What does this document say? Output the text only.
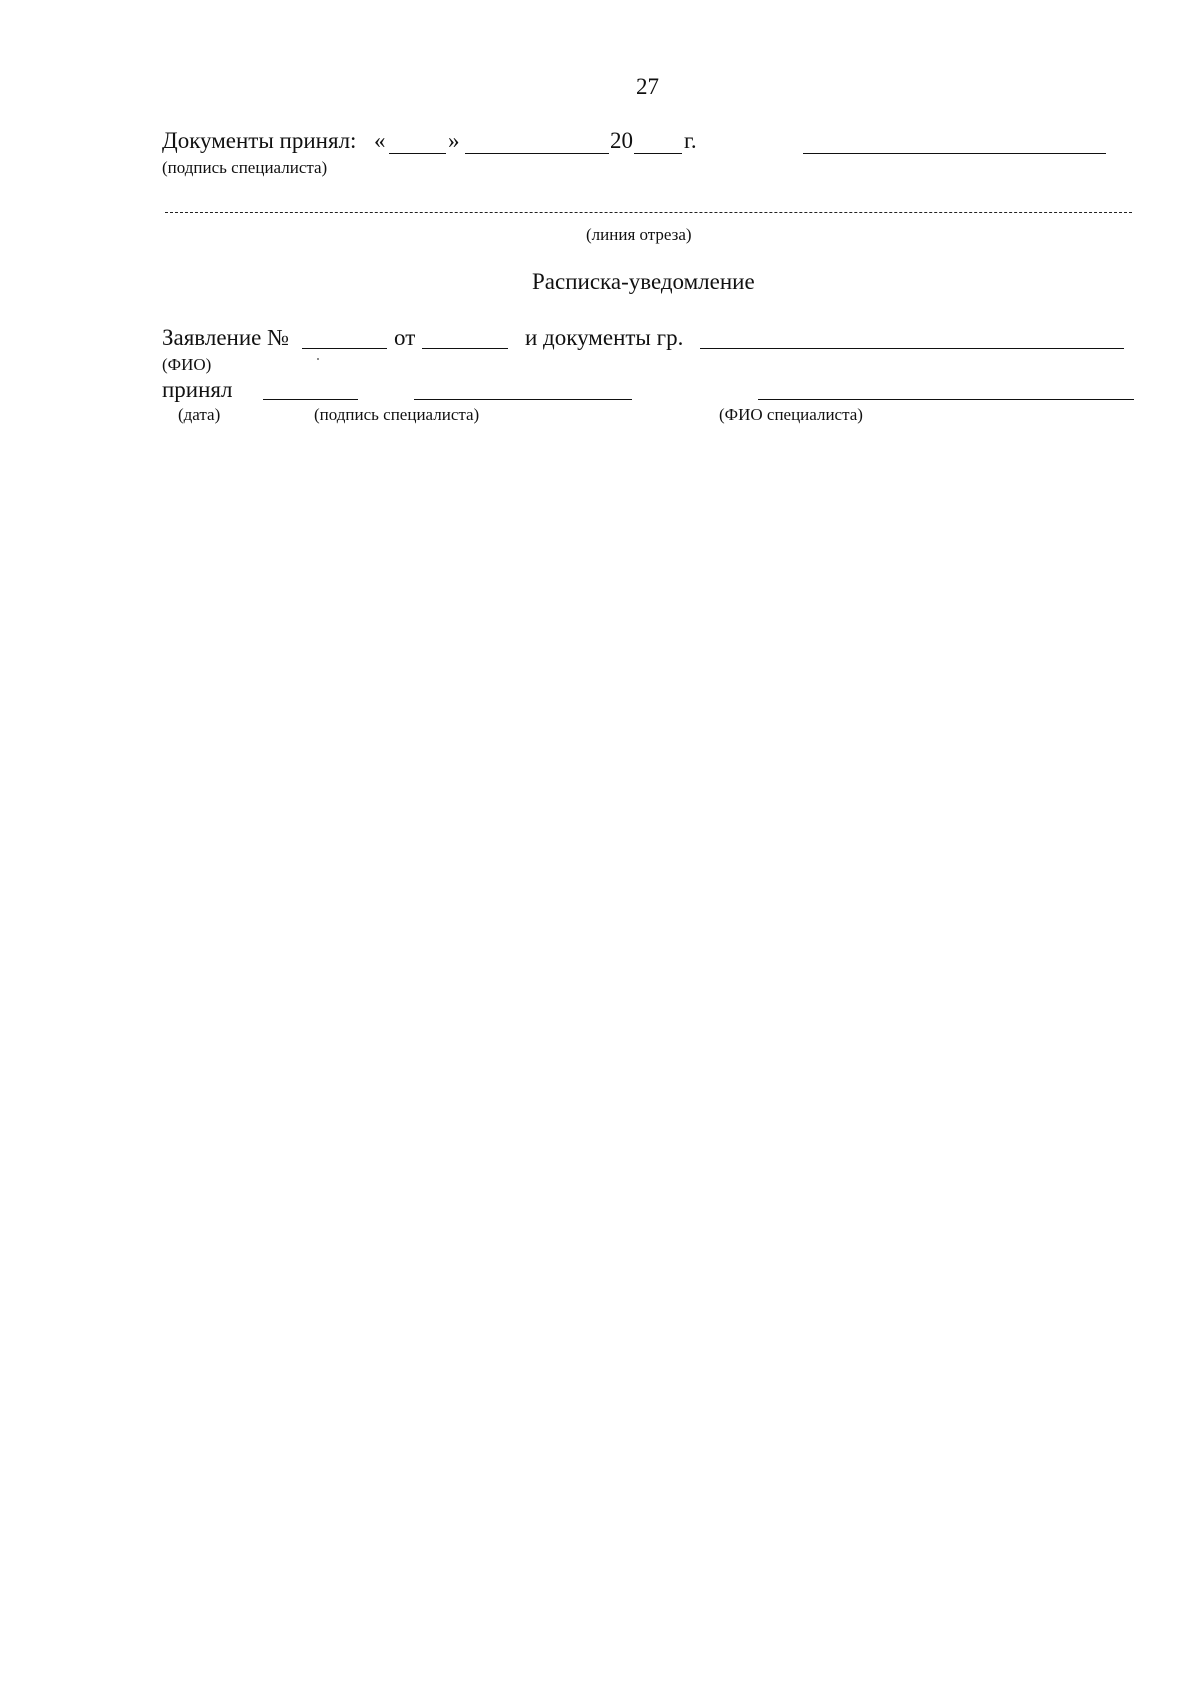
27
Документы принял: «	»	20 г.
(подпись специалиста)
(линия отреза)
Расписка-уведомление
Заявление №	от	и документы гр.
(ФИО)
принял
(дата)	(подпись специалиста)	(ФИО специалиста)
